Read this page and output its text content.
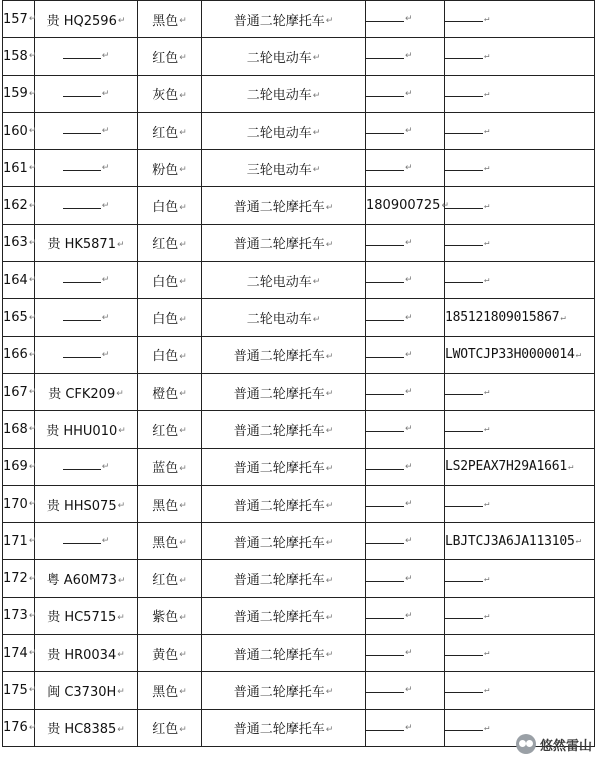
157↵	贵 HQ2596↵	黑色↵	普通二轮摩托车↵	↵	↵
158↵	↵	红色↵	二轮电动车↵	↵	↵
159↵	↵	灰色↵	二轮电动车↵	↵	↵
160↵	↵	红色↵	二轮电动车↵	↵	↵
161↵	↵	粉色↵	三轮电动车↵	↵	↵
162↵	↵	白色↵	普通二轮摩托车↵	180900725↵	↵
163↵	贵 HK5871↵	红色↵	普通二轮摩托车↵	↵	↵
164↵	↵	白色↵	二轮电动车↵	↵	↵
165↵	↵	白色↵	二轮电动车↵	↵	185121809015867↵
166↵	↵	白色↵	普通二轮摩托车↵	↵	LWOTCJP33H0000014↵
167↵	贵 CFK209↵	橙色↵	普通二轮摩托车↵	↵	↵
168↵	贵 HHU010↵	红色↵	普通二轮摩托车↵	↵	↵
169↵	↵	蓝色↵	普通二轮摩托车↵	↵	LS2PEAX7H29A1661↵
170↵	贵 HHS075↵	黑色↵	普通二轮摩托车↵	↵	↵
171↵	↵	黑色↵	普通二轮摩托车↵	↵	LBJTCJ3A6JA113105↵
172↵	粤 A60M73↵	红色↵	普通二轮摩托车↵	↵	↵
173↵	贵 HC5715↵	紫色↵	普通二轮摩托车↵	↵	↵
174↵	贵 HR0034↵	黄色↵	普通二轮摩托车↵	↵	↵
175↵	闽 C3730H↵	黑色↵	普通二轮摩托车↵	↵	↵
176↵	贵 HC8385↵	红色↵	普通二轮摩托车↵	↵	↵
悠然雷山
